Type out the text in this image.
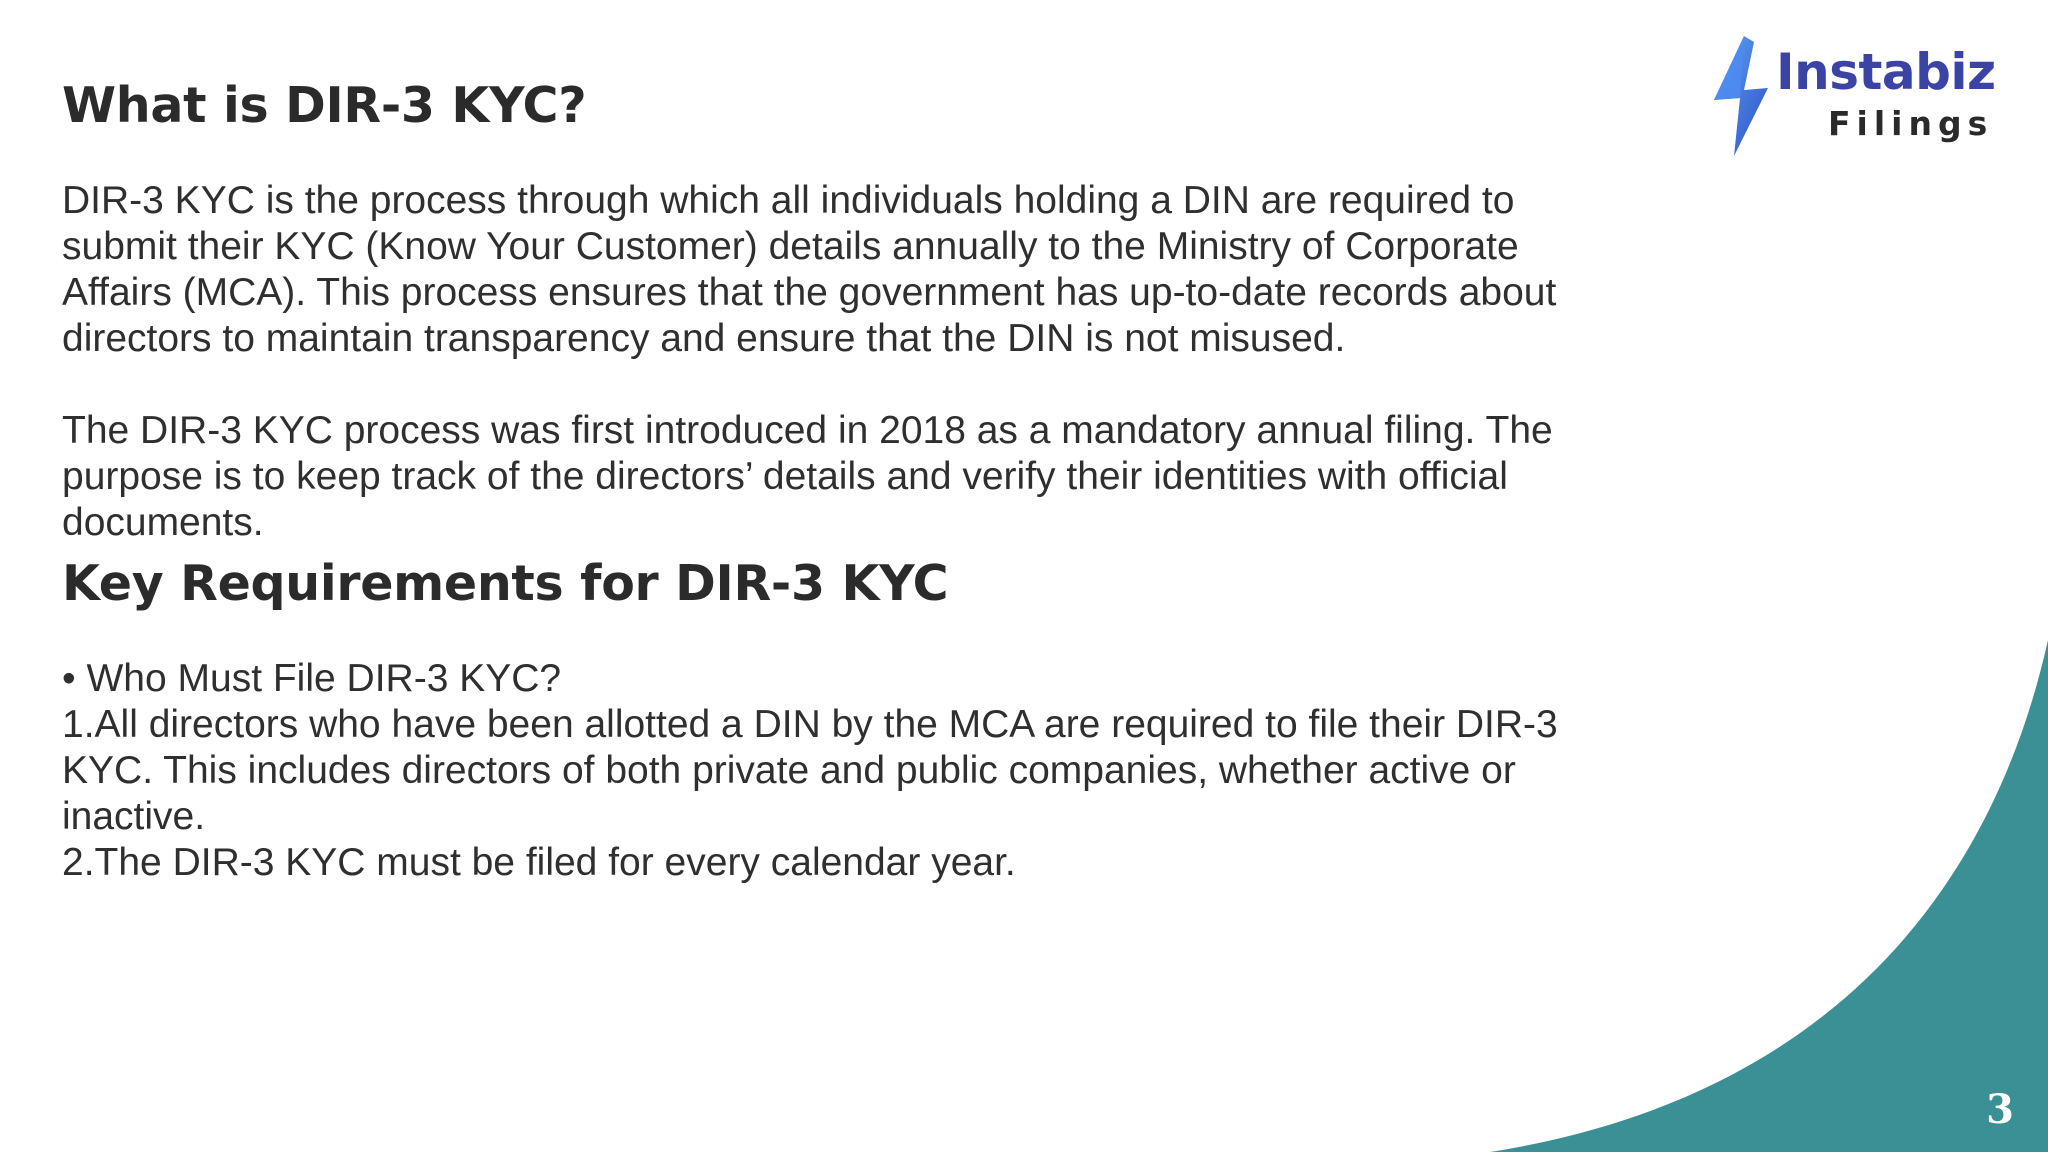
Instabiz
Filings
What is DIR-3 KYC?
DIR-3 KYC is the process through which all individuals holding a DIN are required to
submit their KYC (Know Your Customer) details annually to the Ministry of Corporate
Affairs (MCA). This process ensures that the government has up-to-date records about
directors to maintain transparency and ensure that the DIN is not misused.
The DIR-3 KYC process was first introduced in 2018 as a mandatory annual filing. The
purpose is to keep track of the directors’ details and verify their identities with official
documents.
Key Requirements for DIR-3 KYC
• Who Must File DIR-3 KYC?
1.All directors who have been allotted a DIN by the MCA are required to file their DIR-3
KYC. This includes directors of both private and public companies, whether active or
inactive.
2.The DIR-3 KYC must be filed for every calendar year.
3
